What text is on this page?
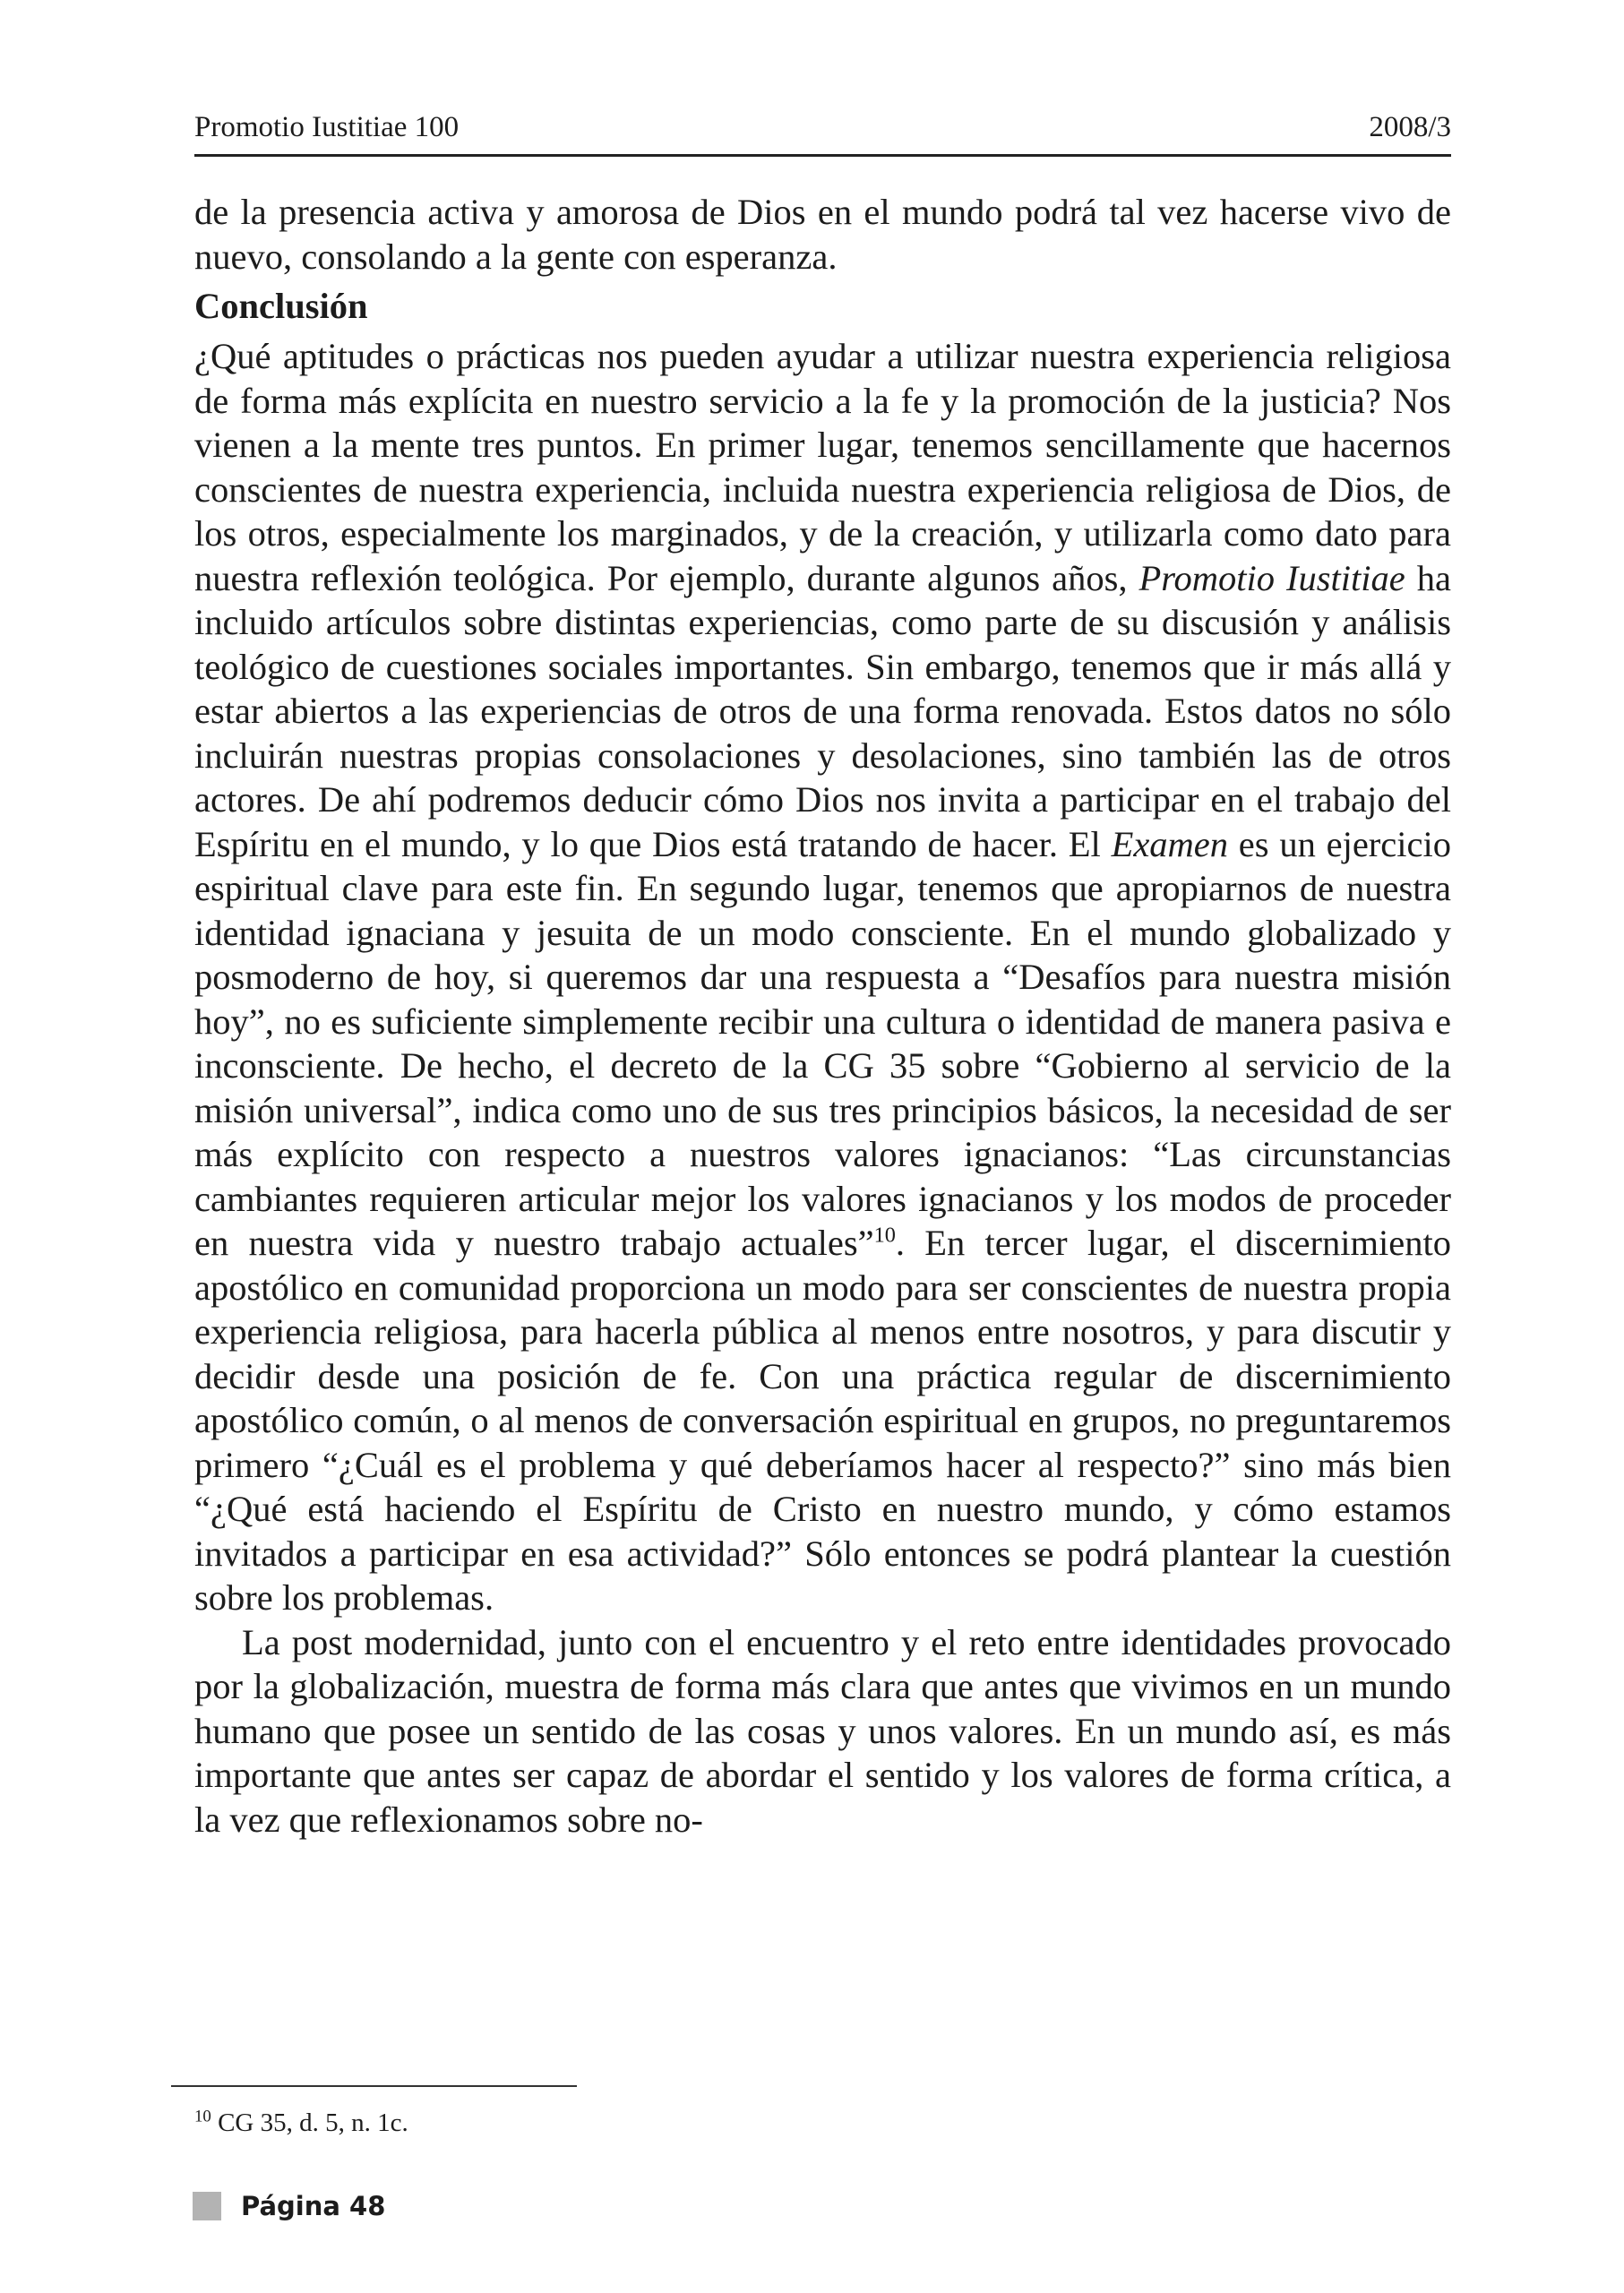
Promotio Iustitiae 100	2008/3

de la presencia activa y amorosa de Dios en el mundo podrá tal vez hacerse vivo de nuevo, consolando a la gente con esperanza.

Conclusión

¿Qué aptitudes o prácticas nos pueden ayudar a utilizar nuestra experiencia religiosa de forma más explícita en nuestro servicio a la fe y la promoción de la justicia? Nos vienen a la mente tres puntos. En primer lugar, tenemos sencillamente que hacernos conscientes de nuestra experiencia, incluida nuestra experiencia religiosa de Dios, de los otros, especialmente los marginados, y de la creación, y utilizarla como dato para nuestra reflexión teológica. Por ejemplo, durante algunos años, Promotio Iustitiae ha incluido artículos sobre distintas experiencias, como parte de su discusión y análisis teológico de cuestiones sociales importantes. Sin embargo, tenemos que ir más allá y estar abiertos a las experiencias de otros de una forma renovada. Estos datos no sólo incluirán nuestras propias consolaciones y desolaciones, sino también las de otros actores. De ahí podremos deducir cómo Dios nos invita a participar en el trabajo del Espíritu en el mundo, y lo que Dios está tratando de hacer. El Examen es un ejercicio espiritual clave para este fin. En segundo lugar, tenemos que apropiarnos de nuestra identidad ignaciana y jesuita de un modo consciente. En el mundo globalizado y posmoderno de hoy, si queremos dar una respuesta a “Desafíos para nuestra misión hoy”, no es suficiente simplemente recibir una cultura o identidad de manera pasiva e inconsciente. De hecho, el decreto de la CG 35 sobre “Gobierno al servicio de la misión universal”, indica como uno de sus tres principios básicos, la necesidad de ser más explícito con respecto a nuestros valores ignacianos: “Las circunstancias cambiantes requieren articular mejor los valores ignacianos y los modos de proceder en nuestra vida y nuestro trabajo actuales”$^{10}$. En tercer lugar, el discernimiento apostólico en comunidad proporciona un modo para ser conscientes de nuestra propia experiencia religiosa, para hacerla pública al menos entre nosotros, y para discutir y decidir desde una posición de fe. Con una práctica regular de discernimiento apostólico común, o al menos de conversación espiritual en grupos, no preguntaremos primero “¿Cuál es el problema y qué deberíamos hacer al respecto?” sino más bien “¿Qué está haciendo el Espíritu de Cristo en nuestro mundo, y cómo estamos invitados a participar en esa actividad?” Sólo entonces se podrá plantear la cuestión sobre los problemas.

La post modernidad, junto con el encuentro y el reto entre identidades provocado por la globalización, muestra de forma más clara que antes que vivimos en un mundo humano que posee un sentido de las cosas y unos valores. En un mundo así, es más importante que antes ser capaz de abordar el sentido y los valores de forma crítica, a la vez que reflexionamos sobre no-

$^{10}$ CG 35, d. 5, n. 1c.
Página 48
